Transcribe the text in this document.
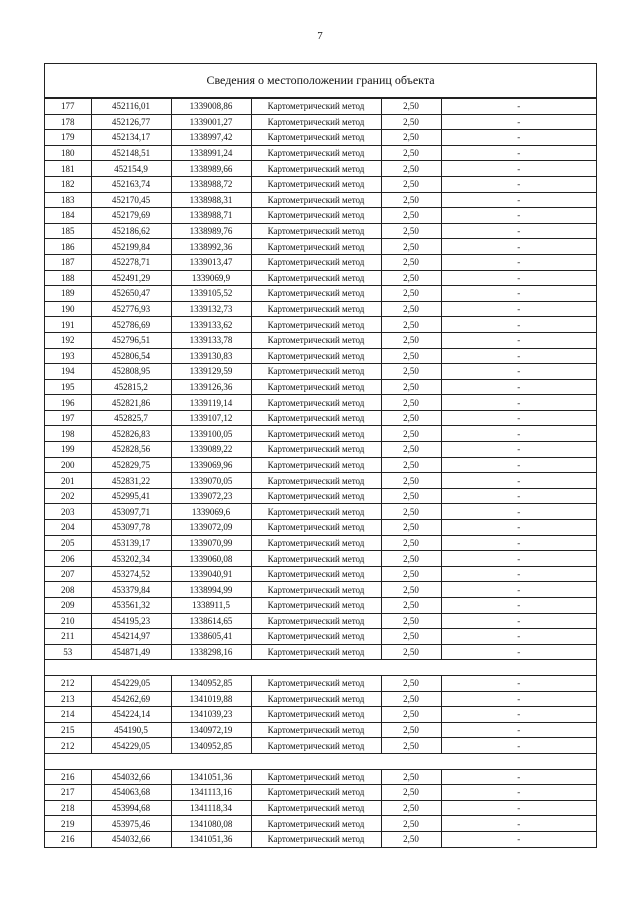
7
Сведения о местоположении границ объекта
177	452116,01	1339008,86	Картометрический метод	2,50	-
178	452126,77	1339001,27	Картометрический метод	2,50	-
179	452134,17	1338997,42	Картометрический метод	2,50	-
180	452148,51	1338991,24	Картометрический метод	2,50	-
181	452154,9	1338989,66	Картометрический метод	2,50	-
182	452163,74	1338988,72	Картометрический метод	2,50	-
183	452170,45	1338988,31	Картометрический метод	2,50	-
184	452179,69	1338988,71	Картометрический метод	2,50	-
185	452186,62	1338989,76	Картометрический метод	2,50	-
186	452199,84	1338992,36	Картометрический метод	2,50	-
187	452278,71	1339013,47	Картометрический метод	2,50	-
188	452491,29	1339069,9	Картометрический метод	2,50	-
189	452650,47	1339105,52	Картометрический метод	2,50	-
190	452776,93	1339132,73	Картометрический метод	2,50	-
191	452786,69	1339133,62	Картометрический метод	2,50	-
192	452796,51	1339133,78	Картометрический метод	2,50	-
193	452806,54	1339130,83	Картометрический метод	2,50	-
194	452808,95	1339129,59	Картометрический метод	2,50	-
195	452815,2	1339126,36	Картометрический метод	2,50	-
196	452821,86	1339119,14	Картометрический метод	2,50	-
197	452825,7	1339107,12	Картометрический метод	2,50	-
198	452826,83	1339100,05	Картометрический метод	2,50	-
199	452828,56	1339089,22	Картометрический метод	2,50	-
200	452829,75	1339069,96	Картометрический метод	2,50	-
201	452831,22	1339070,05	Картометрический метод	2,50	-
202	452995,41	1339072,23	Картометрический метод	2,50	-
203	453097,71	1339069,6	Картометрический метод	2,50	-
204	453097,78	1339072,09	Картометрический метод	2,50	-
205	453139,17	1339070,99	Картометрический метод	2,50	-
206	453202,34	1339060,08	Картометрический метод	2,50	-
207	453274,52	1339040,91	Картометрический метод	2,50	-
208	453379,84	1338994,99	Картометрический метод	2,50	-
209	453561,32	1338911,5	Картометрический метод	2,50	-
210	454195,23	1338614,65	Картометрический метод	2,50	-
211	454214,97	1338605,41	Картометрический метод	2,50	-
53	454871,49	1338298,16	Картометрический метод	2,50	-

212	454229,05	1340952,85	Картометрический метод	2,50	-
213	454262,69	1341019,88	Картометрический метод	2,50	-
214	454224,14	1341039,23	Картометрический метод	2,50	-
215	454190,5	1340972,19	Картометрический метод	2,50	-
212	454229,05	1340952,85	Картометрический метод	2,50	-

216	454032,66	1341051,36	Картометрический метод	2,50	-
217	454063,68	1341113,16	Картометрический метод	2,50	-
218	453994,68	1341118,34	Картометрический метод	2,50	-
219	453975,46	1341080,08	Картометрический метод	2,50	-
216	454032,66	1341051,36	Картометрический метод	2,50	-
